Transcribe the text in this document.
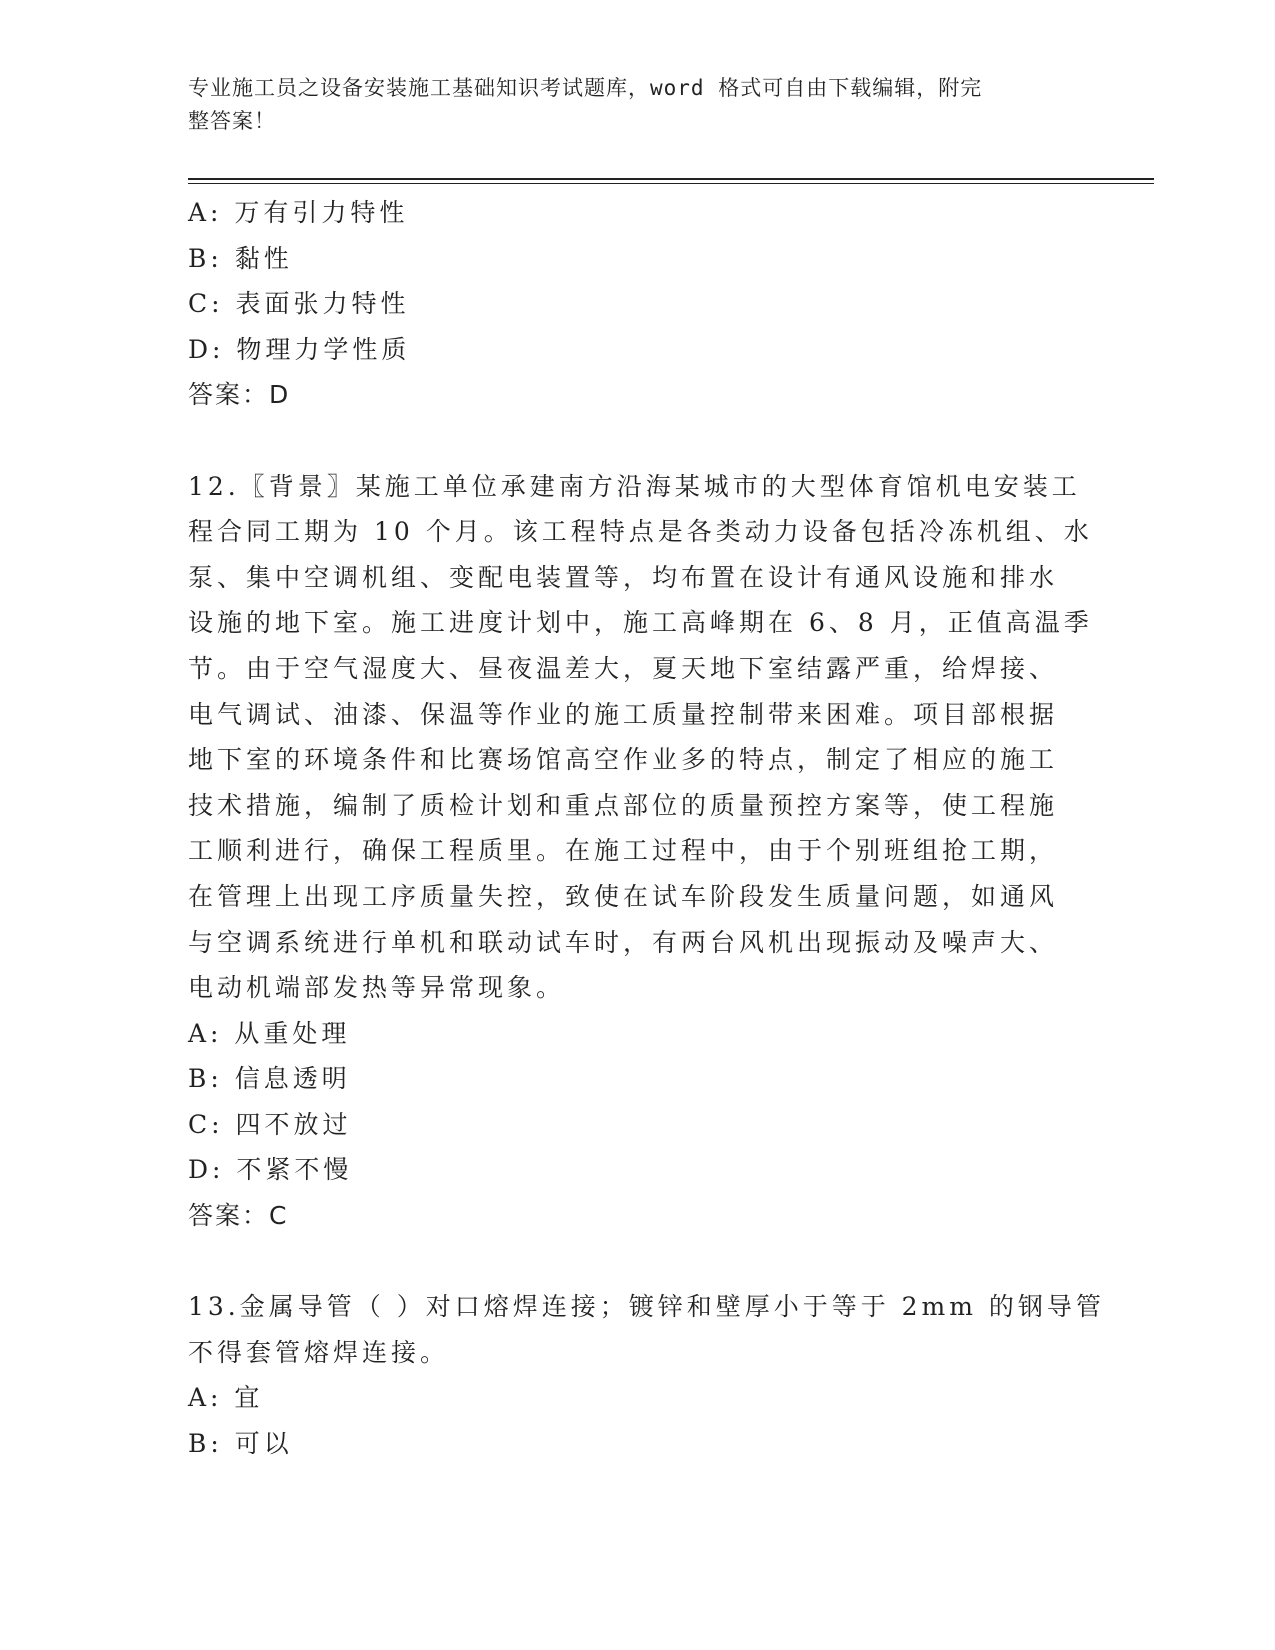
专业施工员之设备安装施工基础知识考试题库，word 格式可自由下载编辑，附完
整答案！
A: 万有引力特性
B: 黏性
C: 表面张力特性
D: 物理力学性质
答案：D
12.〖背景〗某施工单位承建南方沿海某城市的大型体育馆机电安装工
程合同工期为 10 个月。该工程特点是各类动力设备包括冷冻机组、水
泵、集中空调机组、变配电装置等，均布置在设计有通风设施和排水
设施的地下室。施工进度计划中，施工高峰期在 6、8 月，正值高温季
节。由于空气湿度大、昼夜温差大，夏天地下室结露严重，给焊接、
电气调试、油漆、保温等作业的施工质量控制带来困难。项目部根据
地下室的环境条件和比赛场馆高空作业多的特点，制定了相应的施工
技术措施，编制了质检计划和重点部位的质量预控方案等，使工程施
工顺利进行，确保工程质里。在施工过程中，由于个别班组抢工期，
在管理上出现工序质量失控，致使在试车阶段发生质量问题，如通风
与空调系统进行单机和联动试车时，有两台风机出现振动及噪声大、
电动机端部发热等异常现象。
A: 从重处理
B: 信息透明
C: 四不放过
D: 不紧不慢
答案：C
13.金属导管（ ）对口熔焊连接；镀锌和壁厚小于等于 2mm 的钢导管
不得套管熔焊连接。
A: 宜
B: 可以
